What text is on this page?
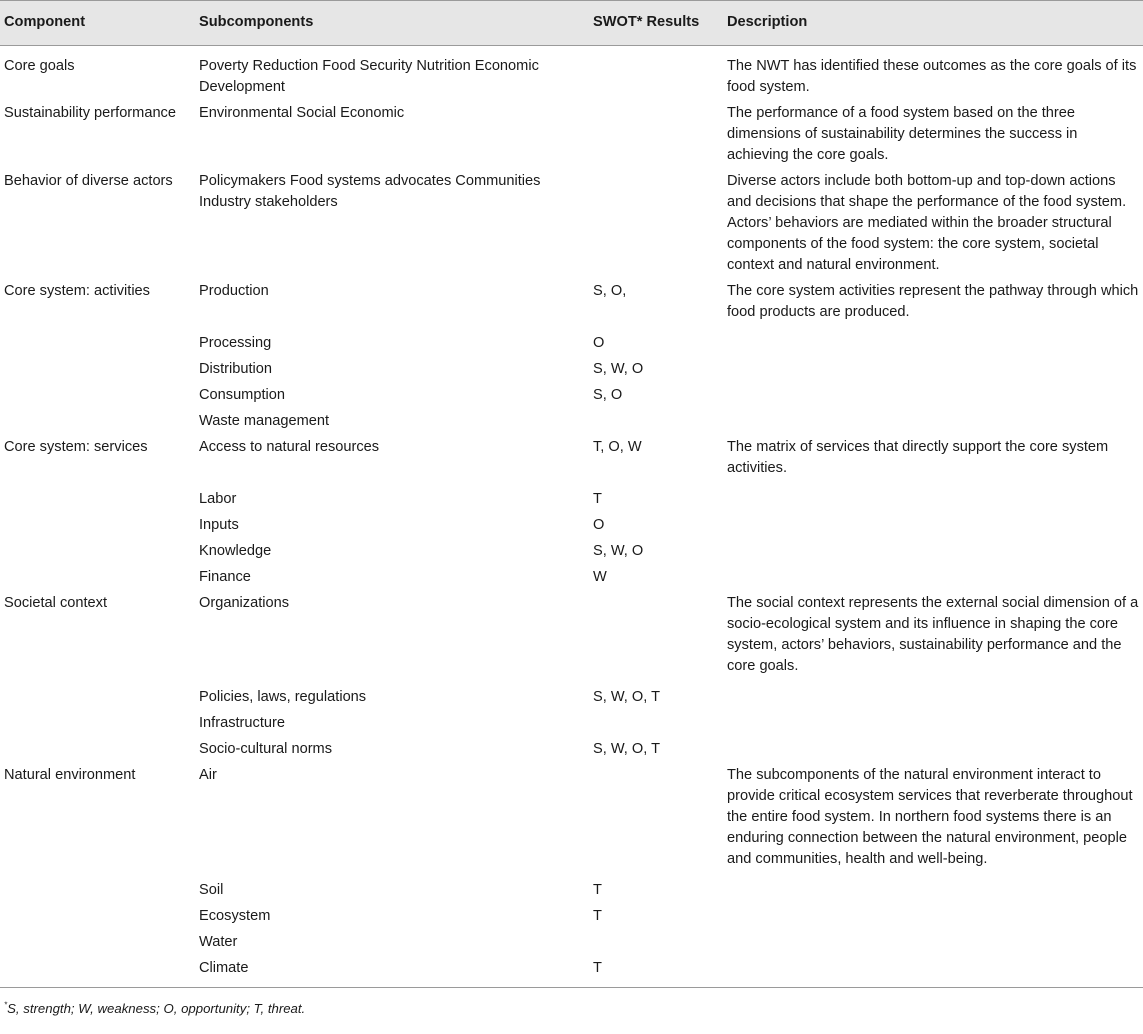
Component	Subcomponents	SWOT* Results	Description
Core goals	Poverty Reduction Food Security Nutrition Economic Development		The NWT has identified these outcomes as the core goals of its food system.
Sustainability performance	Environmental Social Economic		The performance of a food system based on the three dimensions of sustainability determines the success in achieving the core goals.
Behavior of diverse actors	Policymakers Food systems advocates Communities Industry stakeholders		Diverse actors include both bottom-up and top-down actions and decisions that shape the performance of the food system. Actors’ behaviors are mediated within the broader structural components of the food system: the core system, societal context and natural environment.
Core system: activities	Production	S, O,	The core system activities represent the pathway through which food products are produced.
	Processing	O	
	Distribution	S, W, O	
	Consumption	S, O	
	Waste management		
Core system: services	Access to natural resources	T, O, W	The matrix of services that directly support the core system activities.
	Labor	T	
	Inputs	O	
	Knowledge	S, W, O	
	Finance	W	
Societal context	Organizations		The social context represents the external social dimension of a socio-ecological system and its influence in shaping the core system, actors’ behaviors, sustainability performance and the core goals.
	Policies, laws, regulations	S, W, O, T	
	Infrastructure		
	Socio-cultural norms	S, W, O, T	
Natural environment	Air		The subcomponents of the natural environment interact to provide critical ecosystem services that reverberate throughout the entire food system. In northern food systems there is an enduring connection between the natural environment, people and communities, health and well-being.
	Soil	T	
	Ecosystem	T	
	Water		
	Climate	T	
*S, strength; W, weakness; O, opportunity; T, threat.
